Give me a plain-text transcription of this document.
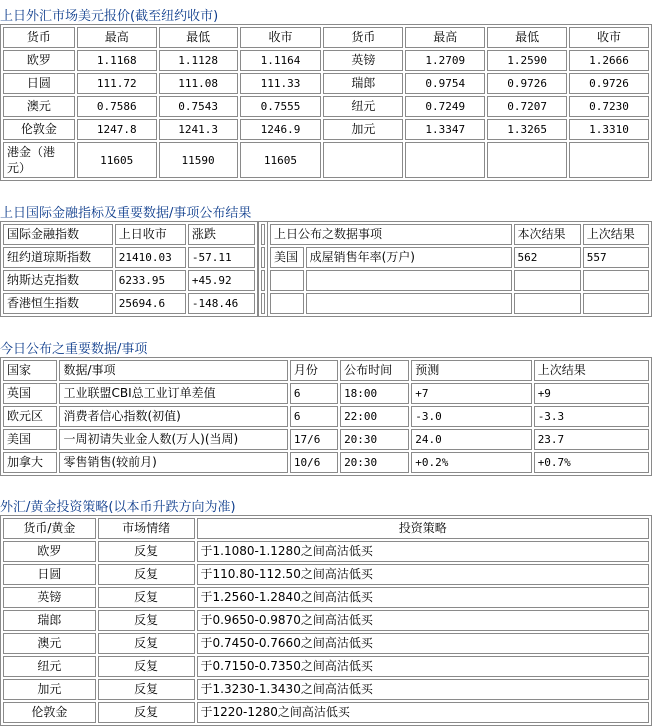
上日外汇市场美元报价(截至纽约收市)
货币	最高	最低	收市	货币	最高	最低	收市
欧罗	1.1168	1.1128	1.1164	英镑	1.2709	1.2590	1.2666
日圆	111.72	111.08	111.33	瑞郎	0.9754	0.9726	0.9726
澳元	0.7586	0.7543	0.7555	纽元	0.7249	0.7207	0.7230
伦敦金	1247.8	1241.3	1246.9	加元	1.3347	1.3265	1.3310
港金（港元）	11605	11590	11605				
上日国际金融指标及重要数据/事项公布结果
国际金融指数	上日收市	涨跌
纽约道琼斯指数	21410.03	-57.11
纳斯达克指数	6233.95	+45.92
香港恒生指数	25694.6	-148.46

上日公布之数据事项		本次结果	上次结果
美国	成屋销售年率(万户)	562	557

今日公布之重要数据/事项
国家	数据/事项	月份	公布时间	预测	上次结果
英国	工业联盟CBI总工业订单差值	6	18:00	+7	+9
欧元区	消费者信心指数(初值)	6	22:00	-3.0	-3.3
美国	一周初请失业金人数(万人)(当周)	17/6	20:30	24.0	23.7
加拿大	零售销售(较前月)	10/6	20:30	+0.2%	+0.7%
外汇/黄金投资策略(以本币升跌方向为准)
货币/黄金	市场情绪	投资策略
欧罗	反复	于1.1080-1.1280之间高沽低买
日圆	反复	于110.80-112.50之间高沽低买
英镑	反复	于1.2560-1.2840之间高沽低买
瑞郎	反复	于0.9650-0.9870之间高沽低买
澳元	反复	于0.7450-0.7660之间高沽低买
纽元	反复	于0.7150-0.7350之间高沽低买
加元	反复	于1.3230-1.3430之间高沽低买
伦敦金	反复	于1220-1280之间高沽低买
